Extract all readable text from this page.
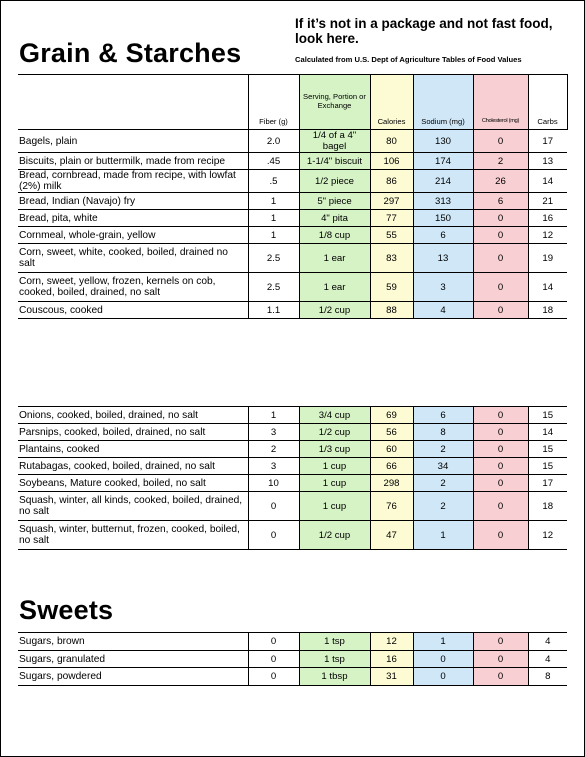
Grain & Starches
If it’s not in a package and not fast food, look here.
Calculated from U.S. Dept of Agriculture Tables of Food Values
	Fiber (g)	Serving, Portion or Exchange	Calories	Sodium (mg)	Cholesterol (mg)	Carbs
Bagels, plain	2.0	1/4 of a 4" bagel	80	130	0	17
Biscuits, plain or buttermilk, made from recipe	.45	1-1/4" biscuit	106	174	2	13
Bread, cornbread, made from recipe, with lowfat (2%) milk	.5	1/2 piece	86	214	26	14
Bread, Indian (Navajo) fry	1	5" piece	297	313	6	21
Bread, pita, white	1	4" pita	77	150	0	16
Cornmeal, whole-grain, yellow	1	1/8 cup	55	6	0	12
Corn, sweet, white, cooked, boiled, drained no salt	2.5	1 ear	83	13	0	19
Corn, sweet, yellow, frozen, kernels on cob, cooked, boiled, drained, no salt	2.5	1 ear	59	3	0	14
Couscous, cooked	1.1	1/2 cup	88	4	0	18
Onions, cooked, boiled, drained, no salt	1	3/4 cup	69	6	0	15
Parsnips, cooked, boiled, drained, no salt	3	1/2 cup	56	8	0	14
Plantains, cooked	2	1/3 cup	60	2	0	15
Rutabagas, cooked, boiled, drained, no salt	3	1 cup	66	34	0	15
Soybeans, Mature cooked, boiled, no salt	10	1 cup	298	2	0	17
Squash, winter, all kinds, cooked, boiled, drained, no salt	0	1 cup	76	2	0	18
Squash, winter, butternut, frozen, cooked, boiled, no salt	0	1/2 cup	47	1	0	12
Sweets
Sugars, brown	0	1 tsp	12	1	0	4
Sugars, granulated	0	1 tsp	16	0	0	4
Sugars, powdered	0	1 tbsp	31	0	0	8
